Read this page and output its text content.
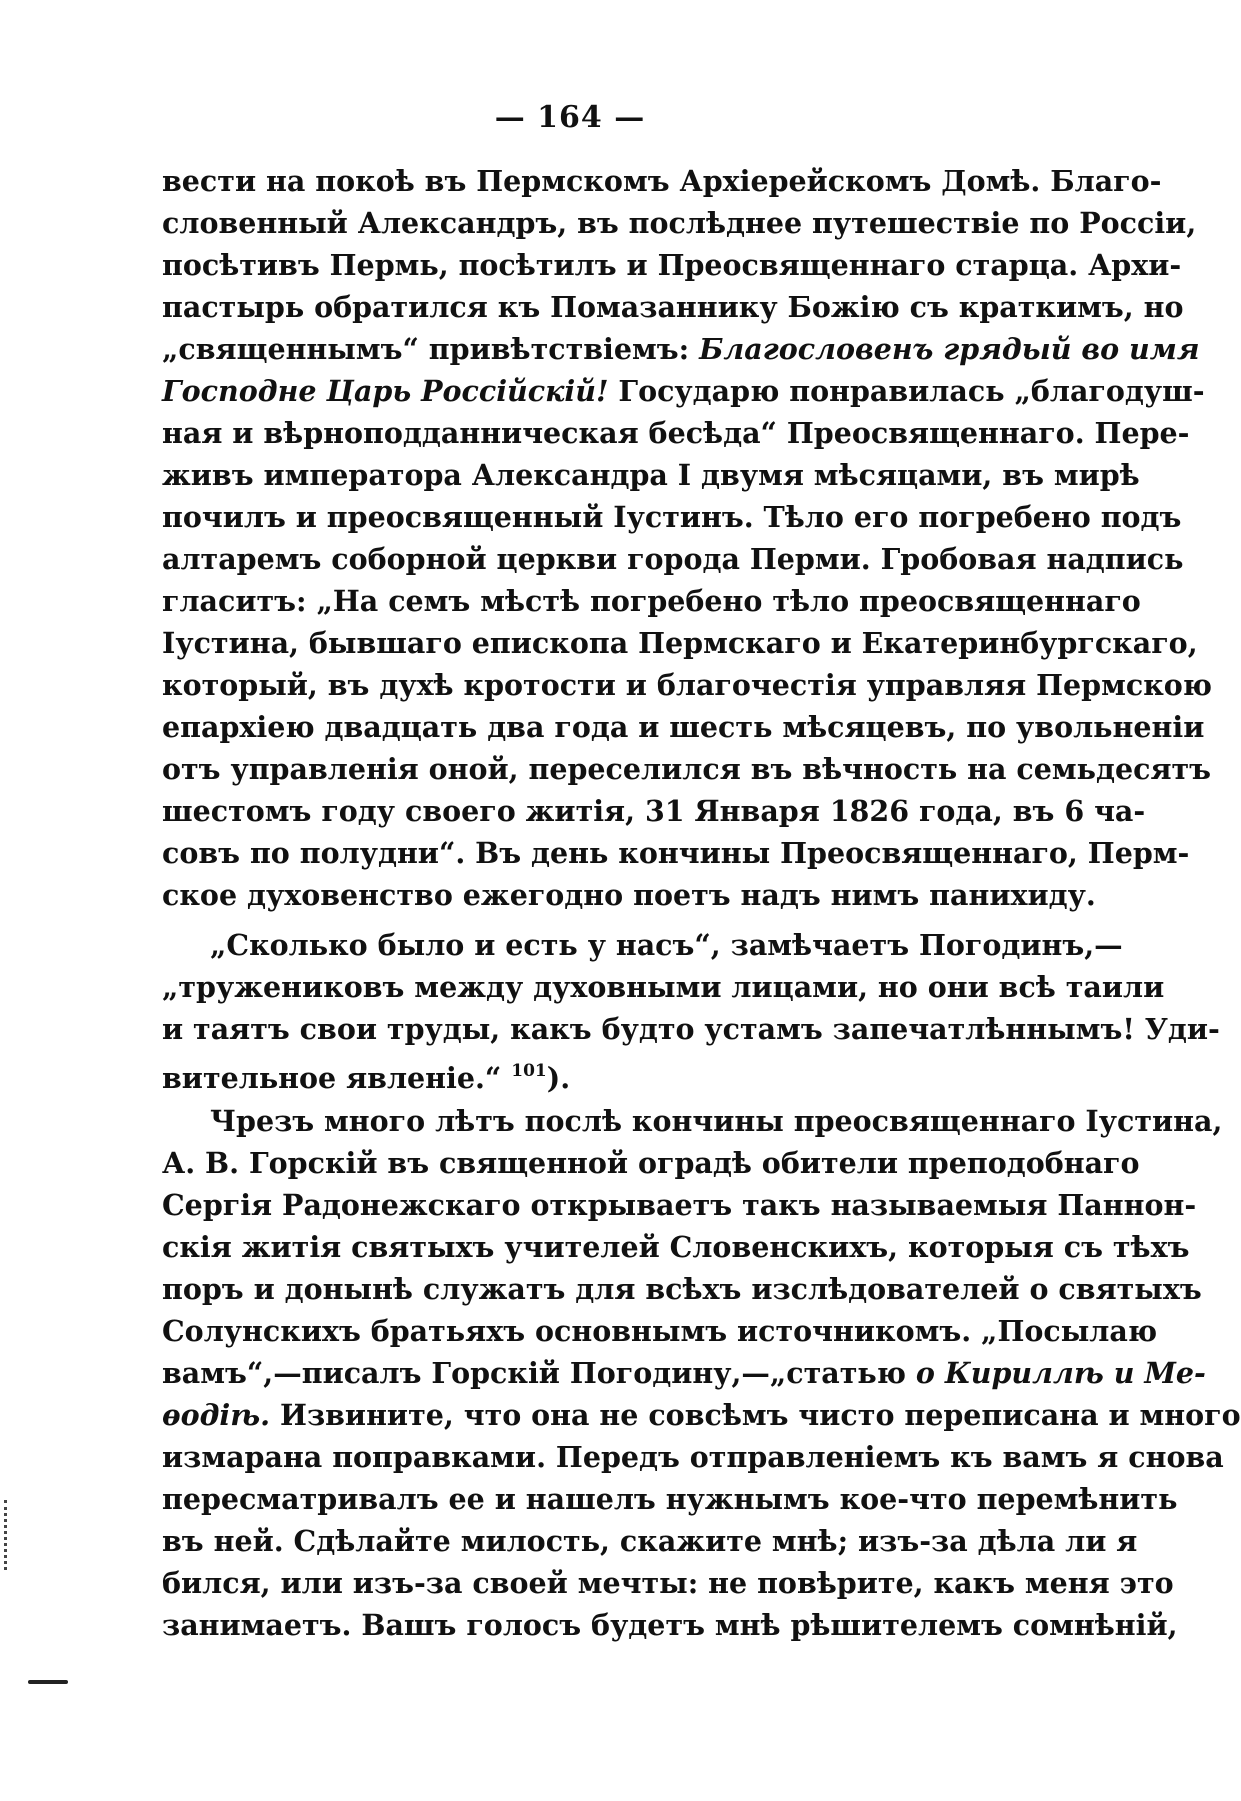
— 164 —
вести на покоѣ въ Пермскомъ Архіерейскомъ Домѣ. Благо-
словенный Александръ, въ послѣднее путешествіе по Россіи,
посѣтивъ Пермь, посѣтилъ и Преосвященнаго старца. Архи-
пастырь обратился къ Помазаннику Божію съ краткимъ, но
„священнымъ“ привѣтствіемъ: Благословенъ грядый во имя
Господне Царь Россійскій! Государю понравилась „благодуш-
ная и вѣрноподданническая бесѣда“ Преосвященнаго. Пере-
живъ императора Александра I двумя мѣсяцами, въ мирѣ
почилъ и преосвященный Іустинъ. Тѣло его погребено подъ
алтаремъ соборной церкви города Перми. Гробовая надпись
гласитъ: „На семъ мѣстѣ погребено тѣло преосвященнаго
Іустина, бывшаго епископа Пермскаго и Екатеринбургскаго,
который, въ духѣ кротости и благочестія управляя Пермскою
епархіею двадцать два года и шесть мѣсяцевъ, по увольненіи
отъ управленія оной, переселился въ вѣчность на семьдесятъ
шестомъ году своего житія, 31 Января 1826 года, въ 6 ча-
совъ по полудни“. Въ день кончины Преосвященнаго, Перм-
ское духовенство ежегодно поетъ надъ нимъ панихиду.
„Сколько было и есть у насъ“, замѣчаетъ Погодинъ,—
„тружениковъ между духовными лицами, но они всѣ таили
и таятъ свои труды, какъ будто устамъ запечатлѣннымъ! Уди-
вительное явленіе.“ $^{101}$).
Чрезъ много лѣтъ послѣ кончины преосвященнаго Іустина,
А. В. Горскій въ священной оградѣ обители преподобнаго
Сергія Радонежскаго открываетъ такъ называемыя Паннон-
скія житія святыхъ учителей Словенскихъ, которыя съ тѣхъ
поръ и донынѣ служатъ для всѣхъ изслѣдователей о святыхъ
Солунскихъ братьяхъ основнымъ источникомъ. „Посылаю
вамъ“,—писалъ Горскій Погодину,—„статью о Кириллѣ и Ме-
ѳодіѣ. Извините, что она не совсѣмъ чисто переписана и много
измарана поправками. Передъ отправленіемъ къ вамъ я снова
пересматривалъ ее и нашелъ нужнымъ кое-что перемѣнить
въ ней. Сдѣлайте милость, скажите мнѣ; изъ-за дѣла ли я
бился, или изъ-за своей мечты: не повѣрите, какъ меня это
занимаетъ. Вашъ голосъ будетъ мнѣ рѣшителемъ сомнѣній,
